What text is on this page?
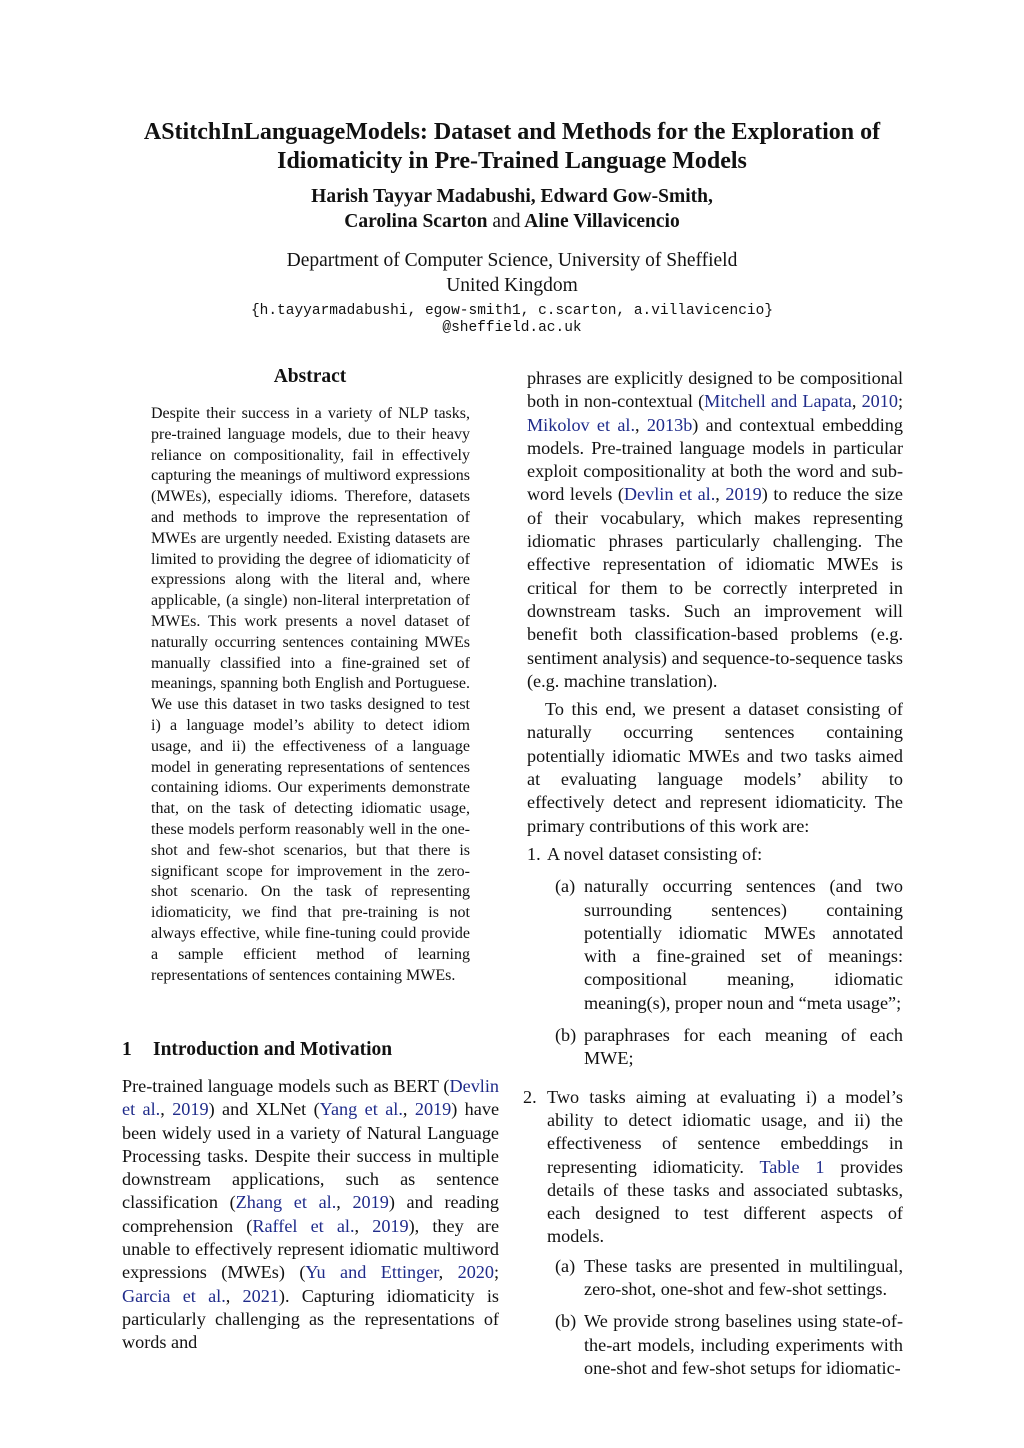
AStitchInLanguageModels: Dataset and Methods for the Exploration of
Idiomaticity in Pre-Trained Language Models
Harish Tayyar Madabushi, Edward Gow-Smith,
Carolina Scarton and Aline Villavicencio
Department of Computer Science, University of Sheffield
United Kingdom
{h.tayyarmadabushi, egow-smith1, c.scarton, a.villavicencio}
@sheffield.ac.uk
Abstract

Despite their success in a variety of NLP tasks, pre-trained language models, due to their heavy reliance on compositionality, fail in effectively capturing the meanings of multiword expressions (MWEs), especially idioms. Therefore, datasets and methods to improve the representation of MWEs are urgently needed. Existing datasets are limited to providing the degree of idiomaticity of expressions along with the literal and, where applicable, (a single) non-literal interpretation of MWEs. This work presents a novel dataset of naturally occurring sentences containing MWEs manually classified into a fine-grained set of meanings, spanning both English and Portuguese. We use this dataset in two tasks designed to test i) a language model’s ability to detect idiom usage, and ii) the effectiveness of a language model in generating representations of sentences containing idioms. Our experiments demonstrate that, on the task of detecting idiomatic usage, these models perform reasonably well in the one-shot and few-shot scenarios, but that there is significant scope for improvement in the zero-shot scenario. On the task of representing idiomaticity, we find that pre-training is not always effective, while fine-tuning could provide a sample efficient method of learning representations of sentences containing MWEs.

1 Introduction and Motivation

Pre-trained language models such as BERT (Devlin et al., 2019) and XLNet (Yang et al., 2019) have been widely used in a variety of Natural Language Processing tasks. Despite their success in multiple downstream applications, such as sentence classification (Zhang et al., 2019) and reading comprehension (Raffel et al., 2019), they are unable to effectively represent idiomatic multiword expressions (MWEs) (Yu and Ettinger, 2020; Garcia et al., 2021). Capturing idiomaticity is particularly challenging as the representations of words and

phrases are explicitly designed to be compositional both in non-contextual (Mitchell and Lapata, 2010; Mikolov et al., 2013b) and contextual embedding models. Pre-trained language models in particular exploit compositionality at both the word and sub-word levels (Devlin et al., 2019) to reduce the size of their vocabulary, which makes representing idiomatic phrases particularly challenging. The effective representation of idiomatic MWEs is critical for them to be correctly interpreted in downstream tasks. Such an improvement will benefit both classification-based problems (e.g. sentiment analysis) and sequence-to-sequence tasks (e.g. machine translation).

To this end, we present a dataset consisting of naturally occurring sentences containing potentially idiomatic MWEs and two tasks aimed at evaluating language models’ ability to effectively detect and represent idiomaticity. The primary contributions of this work are:

1. A novel dataset consisting of:

(a) naturally occurring sentences (and two surrounding sentences) containing potentially idiomatic MWEs annotated with a fine-grained set of meanings: compositional meaning, idiomatic meaning(s), proper noun and “meta usage”;

(b) paraphrases for each meaning of each MWE;

2. Two tasks aiming at evaluating i) a model’s ability to detect idiomatic usage, and ii) the effectiveness of sentence embeddings in representing idiomaticity. Table 1 provides details of these tasks and associated subtasks, each designed to test different aspects of models.

(a) These tasks are presented in multilingual, zero-shot, one-shot and few-shot settings.

(b) We provide strong baselines using state-of-the-art models, including experiments with one-shot and few-shot setups for idiomatic-
